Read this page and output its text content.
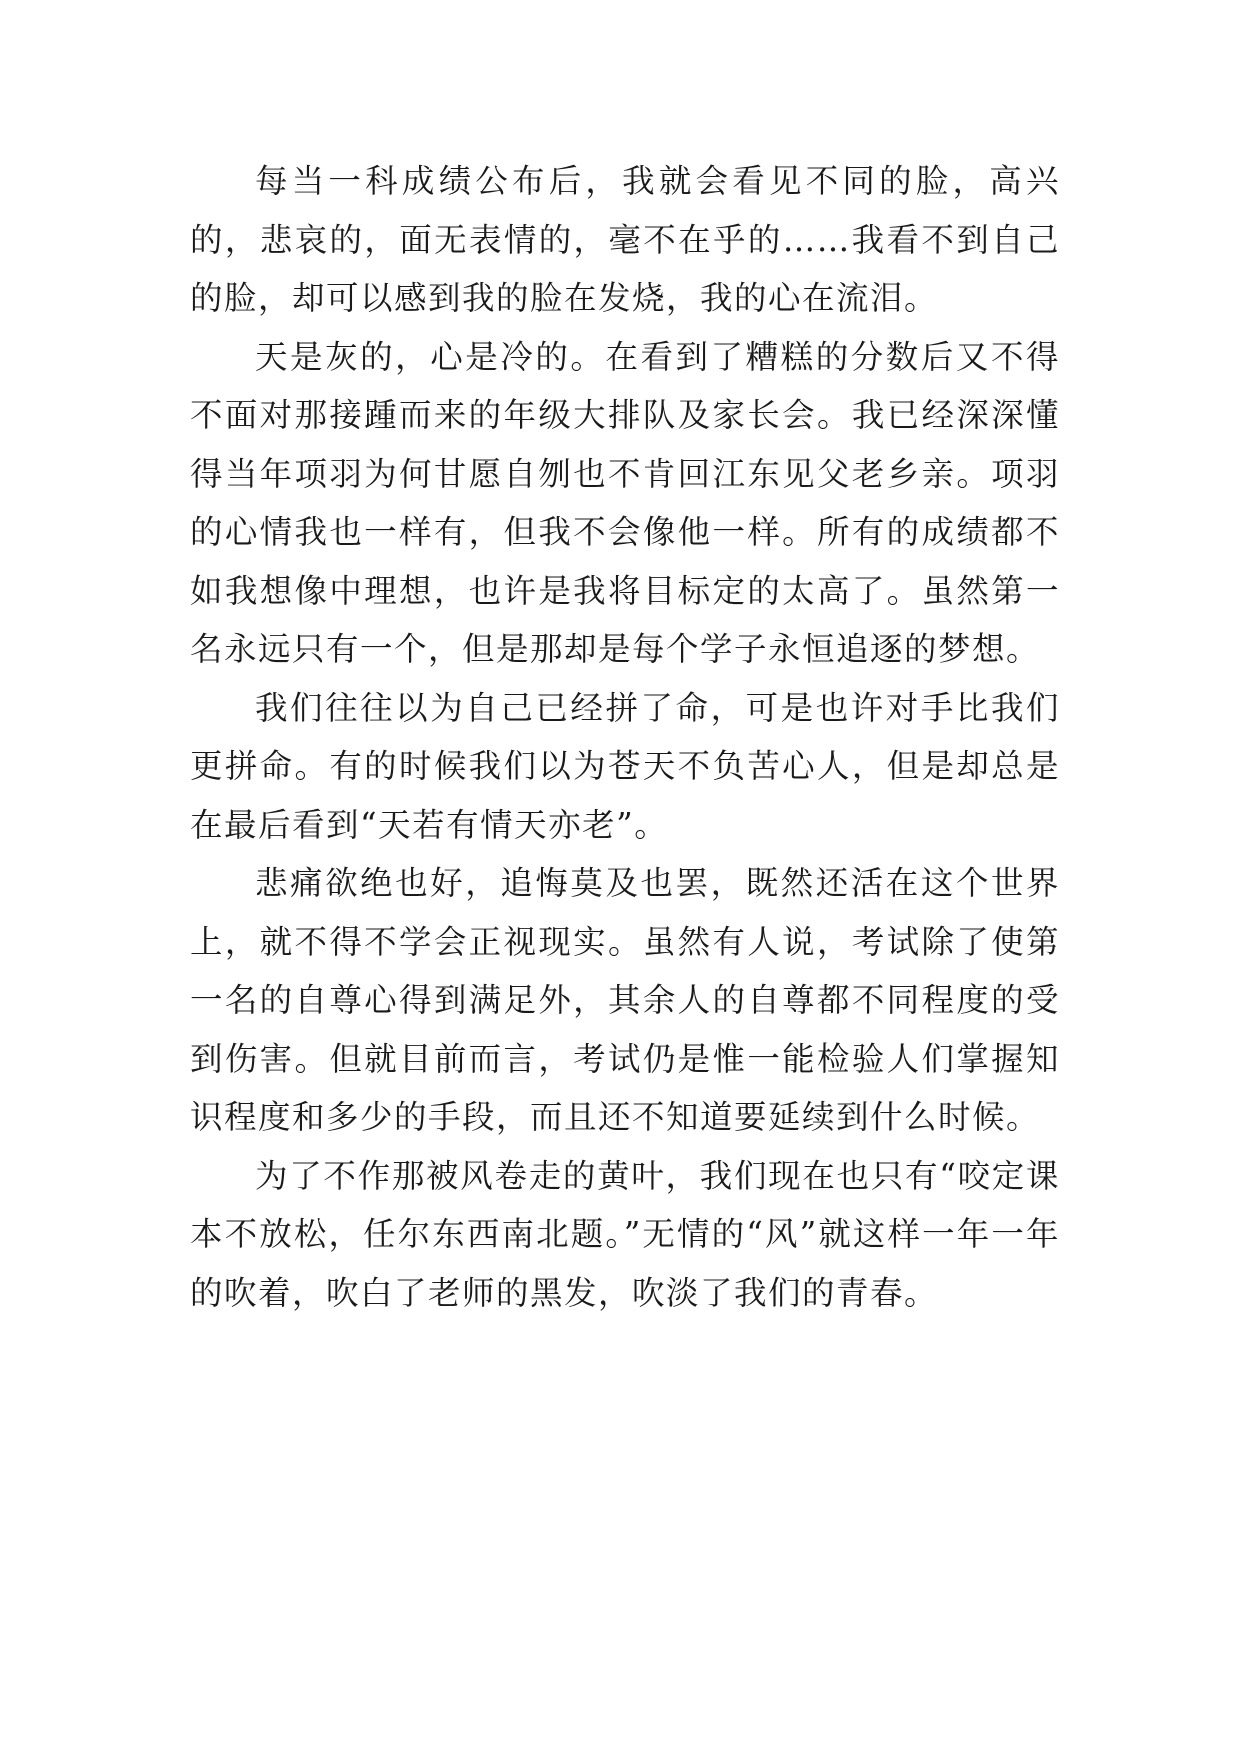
每当一科成绩公布后，我就会看见不同的脸，高兴的，悲哀的，面无表情的，毫不在乎的……我看不到自己的脸，却可以感到我的脸在发烧，我的心在流泪。

天是灰的，心是冷的。在看到了糟糕的分数后又不得不面对那接踵而来的年级大排队及家长会。我已经深深懂得当年项羽为何甘愿自刎也不肯回江东见父老乡亲。项羽的心情我也一样有，但我不会像他一样。所有的成绩都不如我想像中理想，也许是我将目标定的太高了。虽然第一名永远只有一个，但是那却是每个学子永恒追逐的梦想。

我们往往以为自己已经拼了命，可是也许对手比我们更拼命。有的时候我们以为苍天不负苦心人，但是却总是在最后看到“天若有情天亦老”。

悲痛欲绝也好，追悔莫及也罢，既然还活在这个世界上，就不得不学会正视现实。虽然有人说，考试除了使第一名的自尊心得到满足外，其余人的自尊都不同程度的受到伤害。但就目前而言，考试仍是惟一能检验人们掌握知识程度和多少的手段，而且还不知道要延续到什么时候。

为了不作那被风卷走的黄叶，我们现在也只有“咬定课本不放松，任尔东西南北题。”无情的“风”就这样一年一年的吹着，吹白了老师的黑发，吹淡了我们的青春。
